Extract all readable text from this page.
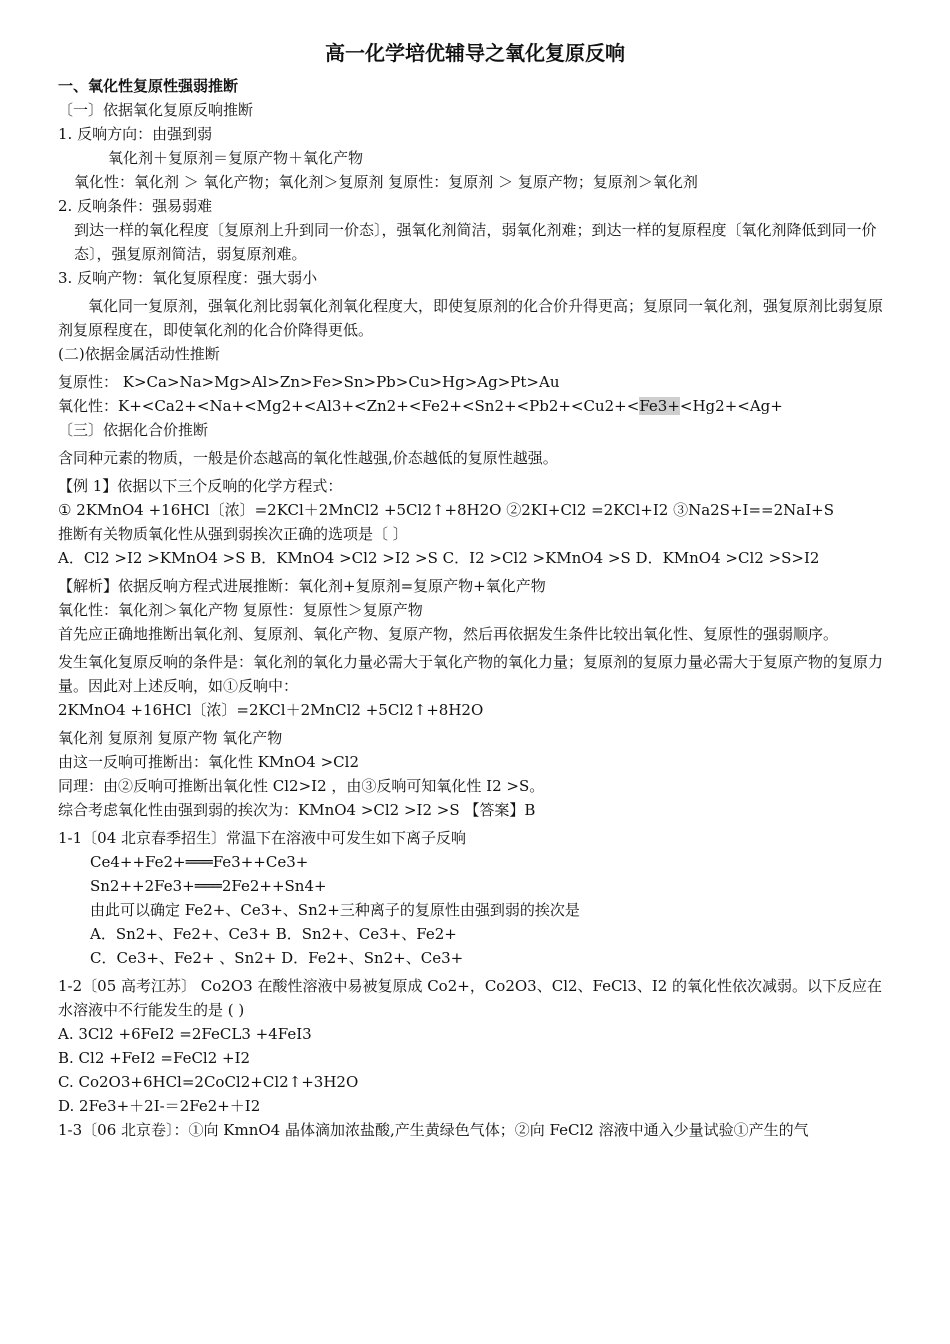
高一化学培优辅导之氧化复原反响

一、氧化性复原性强弱推断

〔一〕依据氧化复原反响推断

1. 反响方向：由强到弱

氧化剂＋复原剂＝复原产物＋氧化产物

氧化性：氧化剂 ＞ 氧化产物；氧化剂＞复原剂 复原性：复原剂 ＞ 复原产物；复原剂＞氧化剂

2. 反响条件：强易弱难

到达一样的氧化程度〔复原剂上升到同一价态〕，强氧化剂简洁，弱氧化剂难；到达一样的复原程度〔氧化剂降低到同一价态〕，强复原剂简洁，弱复原剂难。

3. 反响产物：氧化复原程度：强大弱小

氧化同一复原剂，强氧化剂比弱氧化剂氧化程度大，即使复原剂的化合价升得更高；复原同一氧化剂，强复原剂比弱复原剂复原程度在，即使氧化剂的化合价降得更低。

(二)依据金属活动性推断

复原性： K>Ca>Na>Mg>Al>Zn>Fe>Sn>Pb>Cu>Hg>Ag>Pt>Au

氧化性：K+<Ca2+<Na+<Mg2+<Al3+<Zn2+<Fe2+<Sn2+<Pb2+<Cu2+<Fe3+<Hg2+<Ag+

〔三〕依据化合价推断

含同种元素的物质，一般是价态越高的氧化性越强,价态越低的复原性越强。

【例 1】依据以下三个反响的化学方程式：

① 2KMnO4 +16HCl〔浓〕=2KCl＋2MnCl2 +5Cl2↑+8H2O ②2KI+Cl2 =2KCl+I2 ③Na2S+I==2NaI+S

推断有关物质氧化性从强到弱挨次正确的选项是〔 〕

A．Cl2 >I2 >KMnO4 >S B．KMnO4 >Cl2 >I2 >S C．I2 >Cl2 >KMnO4 >S D．KMnO4 >Cl2 >S>I2

【解析】依据反响方程式进展推断：氧化剂+复原剂=复原产物+氧化产物

氧化性：氧化剂＞氧化产物 复原性：复原性＞复原产物

首先应正确地推断出氧化剂、复原剂、氧化产物、复原产物，然后再依据发生条件比较出氧化性、复原性的强弱顺序。

发生氧化复原反响的条件是：氧化剂的氧化力量必需大于氧化产物的氧化力量；复原剂的复原力量必需大于复原产物的复原力量。因此对上述反响，如①反响中：

2KMnO4 +16HCl〔浓〕=2KCl＋2MnCl2 +5Cl2↑+8H2O

氧化剂 复原剂 复原产物 氧化产物

由这一反响可推断出：氧化性 KMnO4 >Cl2

同理：由②反响可推断出氧化性 Cl2>I2 ，由③反响可知氧化性 I2 >S。

综合考虑氧化性由强到弱的挨次为：KMnO4 >Cl2 >I2 >S 【答案】B

1-1〔04 北京春季招生〕常温下在溶液中可发生如下离子反响

Ce4++Fe2+═══Fe3++Ce3+

Sn2++2Fe3+═══2Fe2++Sn4+

由此可以确定 Fe2+、Ce3+、Sn2+三种离子的复原性由强到弱的挨次是

A．Sn2+、Fe2+、Ce3+ B．Sn2+、Ce3+、Fe2+

C．Ce3+、Fe2+ 、Sn2+ D．Fe2+、Sn2+、Ce3+

1-2〔05 高考江苏〕 Co2O3 在酸性溶液中易被复原成 Co2+，Co2O3、Cl2、FeCl3、I2 的氧化性依次减弱。以下反应在水溶液中不行能发生的是 ( )

A. 3Cl2 +6FeI2 =2FeCL3 +4FeI3

B. Cl2 +FeI2 =FeCl2 +I2

C. Co2O3+6HCl=2CoCl2+Cl2↑+3H2O

D. 2Fe3+＋2I-＝2Fe2+＋I2

1-3〔06 北京卷〕：①向 KmnO4 晶体滴加浓盐酸,产生黄绿色气体；②向 FeCl2 溶液中通入少量试验①产生的气
